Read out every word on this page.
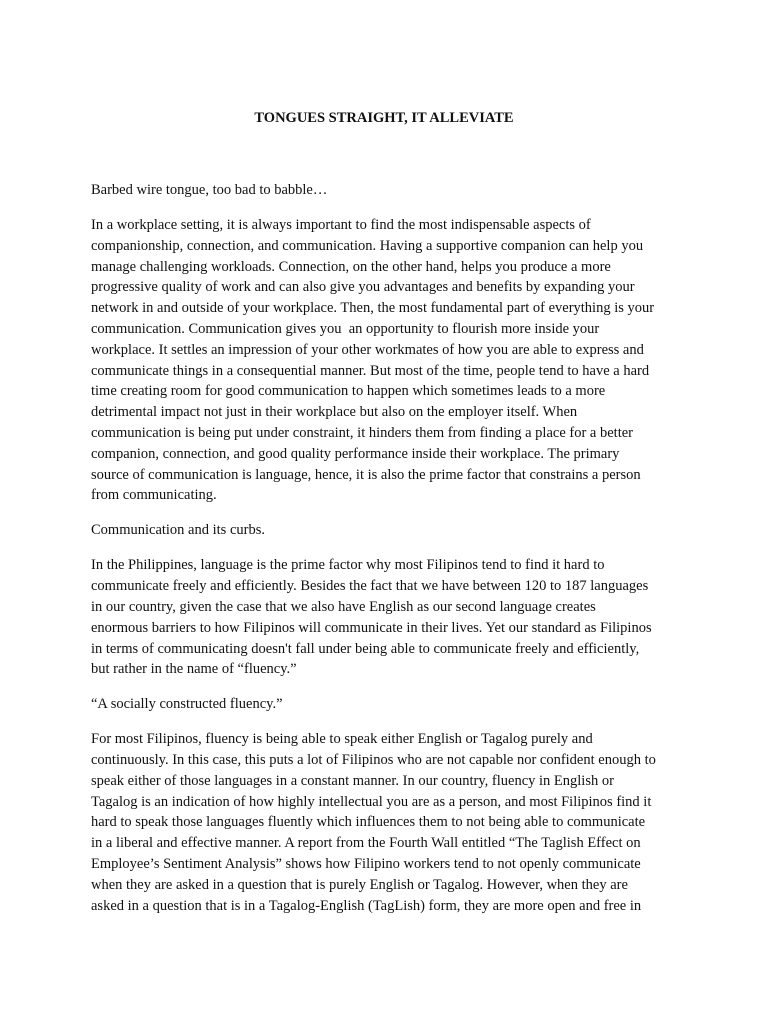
TONGUES STRAIGHT, IT ALLEVIATE

Barbed wire tongue, too bad to babble…

In a workplace setting, it is always important to find the most indispensable aspects of
companionship, connection, and communication. Having a supportive companion can help you
manage challenging workloads. Connection, on the other hand, helps you produce a more
progressive quality of work and can also give you advantages and benefits by expanding your
network in and outside of your workplace. Then, the most fundamental part of everything is your
communication. Communication gives you  an opportunity to flourish more inside your
workplace. It settles an impression of your other workmates of how you are able to express and
communicate things in a consequential manner. But most of the time, people tend to have a hard
time creating room for good communication to happen which sometimes leads to a more
detrimental impact not just in their workplace but also on the employer itself. When
communication is being put under constraint, it hinders them from finding a place for a better
companion, connection, and good quality performance inside their workplace. The primary
source of communication is language, hence, it is also the prime factor that constrains a person
from communicating.

Communication and its curbs.

In the Philippines, language is the prime factor why most Filipinos tend to find it hard to
communicate freely and efficiently. Besides the fact that we have between 120 to 187 languages
in our country, given the case that we also have English as our second language creates
enormous barriers to how Filipinos will communicate in their lives. Yet our standard as Filipinos
in terms of communicating doesn't fall under being able to communicate freely and efficiently,
but rather in the name of “fluency.”

“A socially constructed fluency.”

For most Filipinos, fluency is being able to speak either English or Tagalog purely and
continuously. In this case, this puts a lot of Filipinos who are not capable nor confident enough to
speak either of those languages in a constant manner. In our country, fluency in English or
Tagalog is an indication of how highly intellectual you are as a person, and most Filipinos find it
hard to speak those languages fluently which influences them to not being able to communicate
in a liberal and effective manner. A report from the Fourth Wall entitled “The Taglish Effect on
Employee’s Sentiment Analysis” shows how Filipino workers tend to not openly communicate
when they are asked in a question that is purely English or Tagalog. However, when they are
asked in a question that is in a Tagalog-English (TagLish) form, they are more open and free in
